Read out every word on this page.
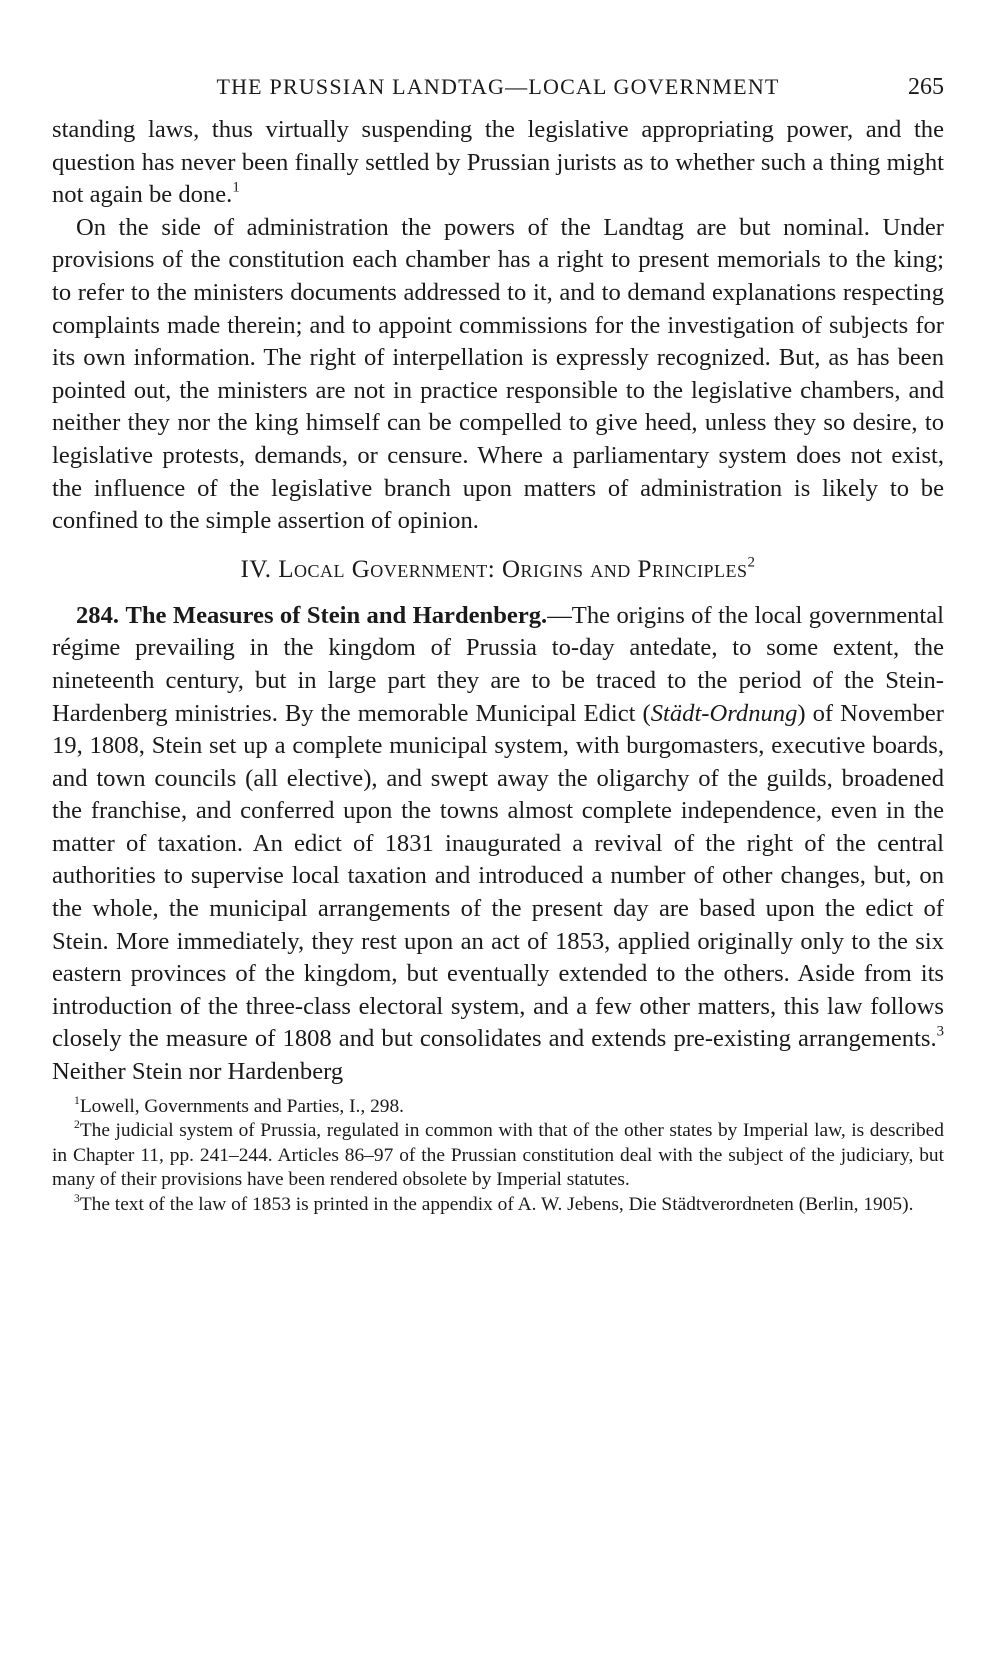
THE PRUSSIAN LANDTAG—LOCAL GOVERNMENT	265

standing laws, thus virtually suspending the legislative appropriating power, and the question has never been finally settled by Prussian jurists as to whether such a thing might not again be done.$^1$

On the side of administration the powers of the Landtag are but nominal. Under provisions of the constitution each chamber has a right to present memorials to the king; to refer to the ministers documents addressed to it, and to demand explanations respecting complaints made therein; and to appoint commissions for the investigation of subjects for its own information. The right of interpellation is expressly recognized. But, as has been pointed out, the ministers are not in practice responsible to the legislative chambers, and neither they nor the king himself can be compelled to give heed, unless they so desire, to legislative protests, demands, or censure. Where a parliamentary system does not exist, the influence of the legislative branch upon matters of administration is likely to be confined to the simple assertion of opinion.

IV. Local Government: Origins and Principles$^2$

284. The Measures of Stein and Hardenberg.—The origins of the local governmental régime prevailing in the kingdom of Prussia to-day antedate, to some extent, the nineteenth century, but in large part they are to be traced to the period of the Stein-Hardenberg ministries. By the memorable Municipal Edict (Städt-Ordnung) of November 19, 1808, Stein set up a complete municipal system, with burgomasters, executive boards, and town councils (all elective), and swept away the oligarchy of the guilds, broadened the franchise, and conferred upon the towns almost complete independence, even in the matter of taxation. An edict of 1831 inaugurated a revival of the right of the central authorities to supervise local taxation and introduced a number of other changes, but, on the whole, the municipal arrangements of the present day are based upon the edict of Stein. More immediately, they rest upon an act of 1853, applied originally only to the six eastern provinces of the kingdom, but eventually extended to the others. Aside from its introduction of the three-class electoral system, and a few other matters, this law follows closely the measure of 1808 and but consolidates and extends pre-existing arrangements.$^3$ Neither Stein nor Hardenberg

$^1$Lowell, Governments and Parties, I., 298.

$^2$The judicial system of Prussia, regulated in common with that of the other states by Imperial law, is described in Chapter 11, pp. 241–244. Articles 86–97 of the Prussian constitution deal with the subject of the judiciary, but many of their provisions have been rendered obsolete by Imperial statutes.

$^3$The text of the law of 1853 is printed in the appendix of A. W. Jebens, Die Städtverordneten (Berlin, 1905).
